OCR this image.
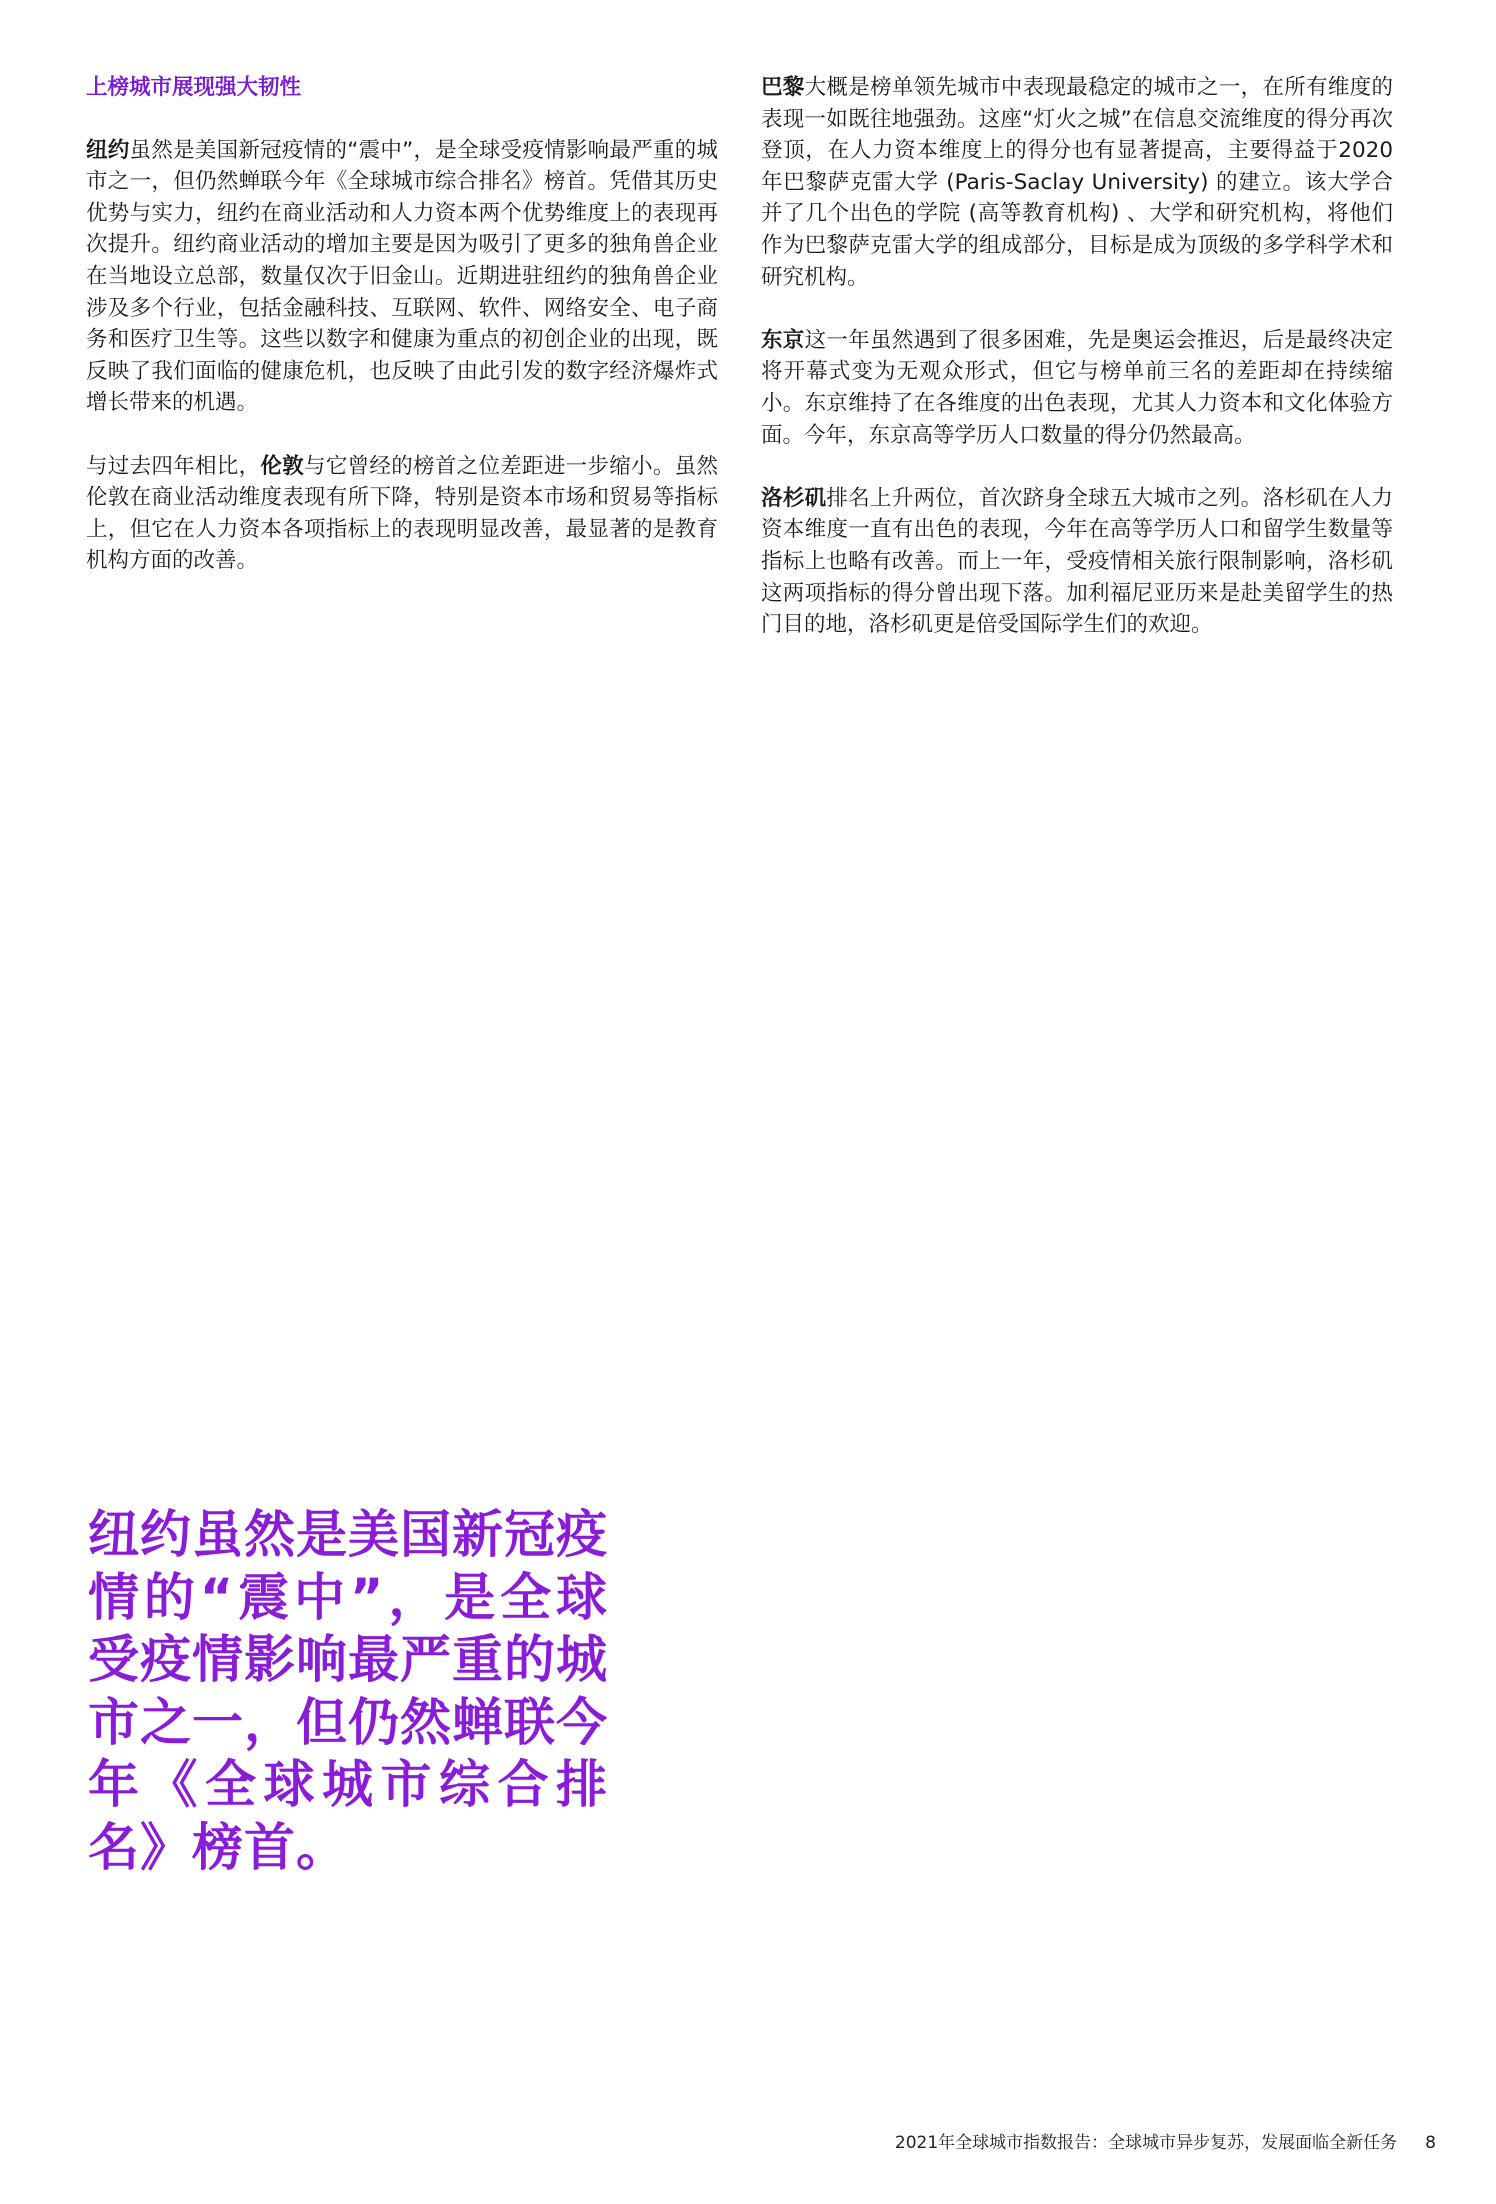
上榜城市展现强大韧性

纽约虽然是美国新冠疫情的“震中”，是全球受疫情影响最严重的城市之一，但仍然蝉联今年《全球城市综合排名》榜首。凭借其历史优势与实力，纽约在商业活动和人力资本两个优势维度上的表现再次提升。纽约商业活动的增加主要是因为吸引了更多的独角兽企业在当地设立总部，数量仅次于旧金山。近期进驻纽约的独角兽企业涉及多个行业，包括金融科技、互联网、软件、网络安全、电子商务和医疗卫生等。这些以数字和健康为重点的初创企业的出现，既反映了我们面临的健康危机，也反映了由此引发的数字经济爆炸式增长带来的机遇。

与过去四年相比，伦敦与它曾经的榜首之位差距进一步缩小。虽然伦敦在商业活动维度表现有所下降，特别是资本市场和贸易等指标上，但它在人力资本各项指标上的表现明显改善，最显著的是教育机构方面的改善。

巴黎大概是榜单领先城市中表现最稳定的城市之一，在所有维度的表现一如既往地强劲。这座“灯火之城”在信息交流维度的得分再次登顶，在人力资本维度上的得分也有显著提高，主要得益于2020年巴黎萨克雷大学 (Paris-Saclay University) 的建立。该大学合并了几个出色的学院 (高等教育机构) 、大学和研究机构，将他们作为巴黎萨克雷大学的组成部分，目标是成为顶级的多学科学术和研究机构。

东京这一年虽然遇到了很多困难，先是奥运会推迟，后是最终决定将开幕式变为无观众形式，但它与榜单前三名的差距却在持续缩小。东京维持了在各维度的出色表现，尤其人力资本和文化体验方面。今年，东京高等学历人口数量的得分仍然最高。

洛杉矶排名上升两位，首次跻身全球五大城市之列。洛杉矶在人力资本维度一直有出色的表现，今年在高等学历人口和留学生数量等指标上也略有改善。而上一年，受疫情相关旅行限制影响，洛杉矶这两项指标的得分曾出现下落。加利福尼亚历来是赴美留学生的热门目的地，洛杉矶更是倍受国际学生们的欢迎。

纽约虽然是美国新冠疫情的“震中”，是全球受疫情影响最严重的城市之一，但仍然蝉联今年《全球城市综合排名》榜首。
2021年全球城市指数报告：全球城市异步复苏，发展面临全新任务 8
